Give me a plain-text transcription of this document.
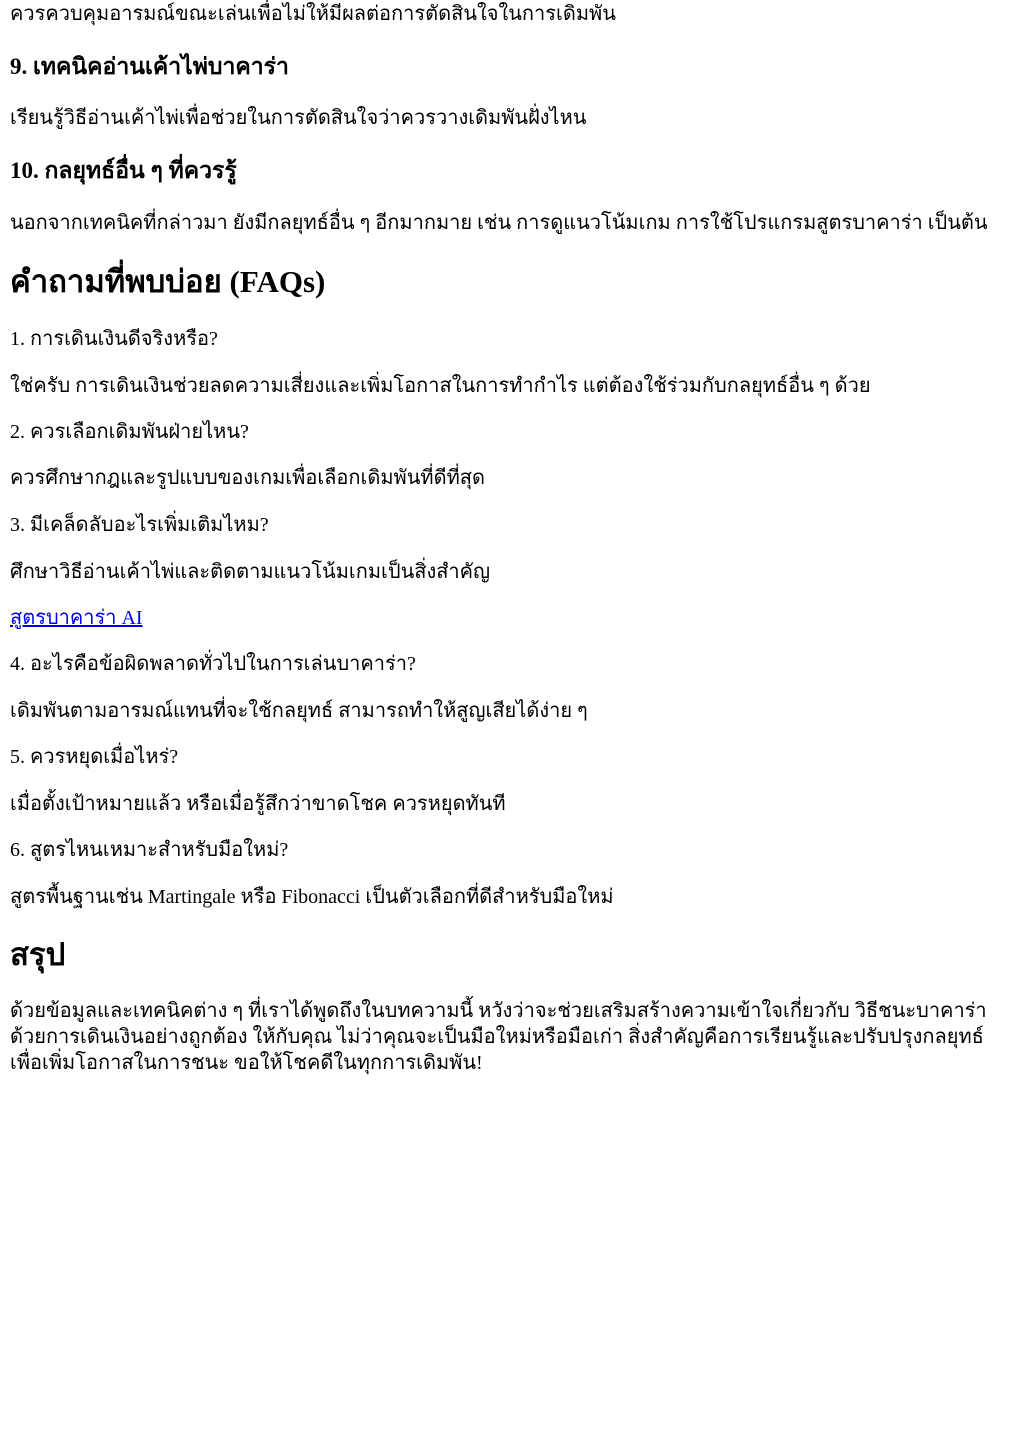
ควรควบคุมอารมณ์ขณะเล่นเพื่อไม่ให้มีผลต่อการตัดสินใจในการเดิมพัน

9. เทคนิคอ่านเค้าไพ่บาคาร่า

เรียนรู้วิธีอ่านเค้าไพ่เพื่อช่วยในการตัดสินใจว่าควรวางเดิมพันฝั่งไหน

10. กลยุทธ์อื่น ๆ ที่ควรรู้

นอกจากเทคนิคที่กล่าวมา ยังมีกลยุทธ์อื่น ๆ อีกมากมาย เช่น การดูแนวโน้มเกม การใช้โปรแกรมสูตรบาคาร่า เป็นต้น

คำถามที่พบบ่อย (FAQs)

1. การเดินเงินดีจริงหรือ?

ใช่ครับ การเดินเงินช่วยลดความเสี่ยงและเพิ่มโอกาสในการทำกำไร แต่ต้องใช้ร่วมกับกลยุทธ์อื่น ๆ ด้วย

2. ควรเลือกเดิมพันฝ่ายไหน?

ควรศึกษากฎและรูปแบบของเกมเพื่อเลือกเดิมพันที่ดีที่สุด

3. มีเคล็ดลับอะไรเพิ่มเติมไหม?

ศึกษาวิธีอ่านเค้าไพ่และติดตามแนวโน้มเกมเป็นสิ่งสำคัญ

สูตรบาคาร่า AI

4. อะไรคือข้อผิดพลาดทั่วไปในการเล่นบาคาร่า?

เดิมพันตามอารมณ์แทนที่จะใช้กลยุทธ์ สามารถทำให้สูญเสียได้ง่าย ๆ

5. ควรหยุดเมื่อไหร่?

เมื่อตั้งเป้าหมายแล้ว หรือเมื่อรู้สึกว่าขาดโชค ควรหยุดทันที

6. สูตรไหนเหมาะสำหรับมือใหม่?

สูตรพื้นฐานเช่น Martingale หรือ Fibonacci เป็นตัวเลือกที่ดีสำหรับมือใหม่

สรุป

ด้วยข้อมูลและเทคนิคต่าง ๆ ที่เราได้พูดถึงในบทความนี้ หวังว่าจะช่วยเสริมสร้างความเข้าใจเกี่ยวกับ วิธีชนะบาคาร่า ด้วยการเดินเงินอย่างถูกต้อง ให้กับคุณ ไม่ว่าคุณจะเป็นมือใหม่หรือมือเก่า สิ่งสำคัญคือการเรียนรู้และปรับปรุงกลยุทธ์เพื่อเพิ่มโอกาสในการชนะ ขอให้โชคดีในทุกการเดิมพัน!
